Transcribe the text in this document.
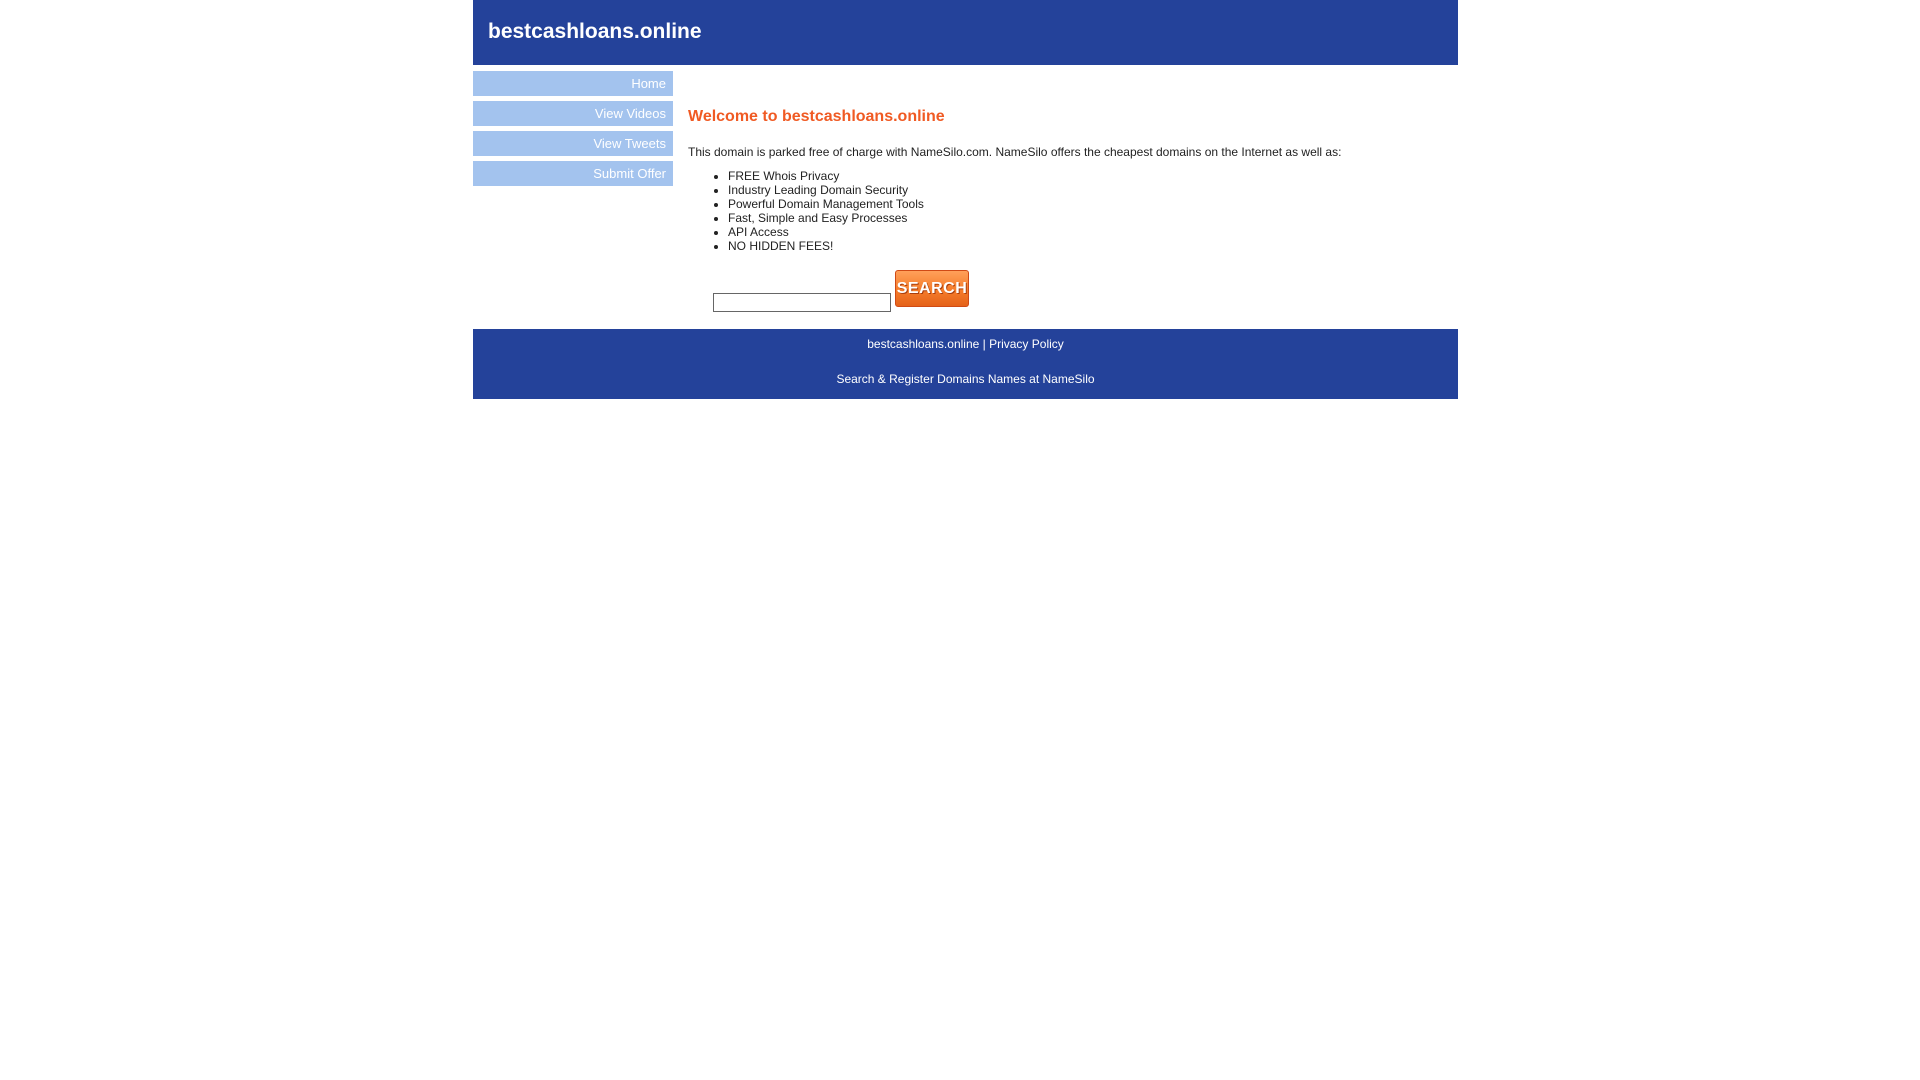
bestcashloans.online
Home
View Videos
View Tweets
Submit Offer
Welcome to bestcashloans.online

This domain is parked free of charge with NameSilo.com. NameSilo offers the cheapest domains on the Internet as well as:

• FREE Whois Privacy
• Industry Leading Domain Security
• Powerful Domain Management Tools
• Fast, Simple and Easy Processes
• API Access
• NO HIDDEN FEES!
SEARCH
bestcashloans.online | Privacy Policy
Search & Register Domains Names at NameSilo
